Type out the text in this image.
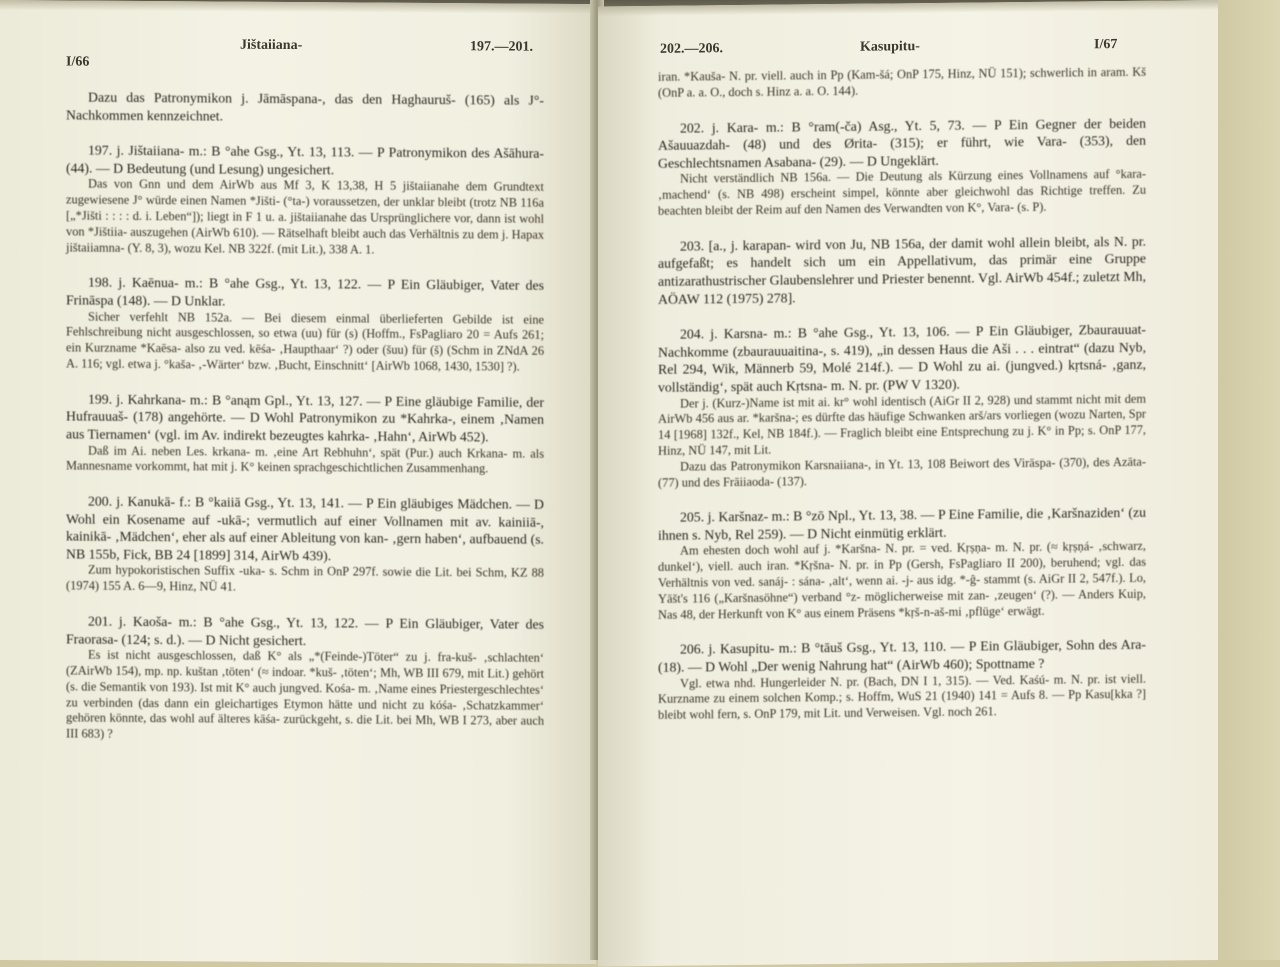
I/66
Jištaiiana-	197.—201.

Dazu das Patronymikon j. Jāmāspana-, das den Haghauruš- (165) als J°-Nachkommen kennzeichnet.

197. j. Jištaiiana- m.: B °ahe Gsg., Yt. 13, 113. — P Patronymikon des Ašāhura- (44). — D Bedeutung (und Lesung) ungesichert.

Das von Gnn und dem AirWb aus Mf 3, K 13,38, H 5 jištaiianahe dem Grundtext zugewiesene J° würde einen Namen *Jišti- (°ta-) voraussetzen, der unklar bleibt (trotz NB 116a [„*Jišti : : : : d. i. Leben“]); liegt in F 1 u. a. jištaiianahe das Ursprünglichere vor, dann ist wohl von *Jištiia- auszugehen (AirWb 610). — Rätselhaft bleibt auch das Verhältnis zu dem j. Hapax jištaiiamna- (Y. 8, 3), wozu Kel. NB 322f. (mit Lit.), 338 A. 1.

198. j. Kaēnua- m.: B °ahe Gsg., Yt. 13, 122. — P Ein Gläubiger, Vater des Frināspa (148). — D Unklar.

Sicher verfehlt NB 152a. — Bei diesem einmal überlieferten Gebilde ist eine Fehlschreibung nicht ausgeschlossen, so etwa (uu) für (s) (Hoffm., FsPagliaro 20 = Aufs 261; ein Kurzname *Kaēsa- also zu ved. kēśa- ‚Haupthaar‘ ?) oder (šuu) für (š) (Schm in ZNdA 26 A. 116; vgl. etwa j. °kaša- ‚-Wärter‘ bzw. ‚Bucht, Einschnitt‘ [AirWb 1068, 1430, 1530] ?).

199. j. Kahrkana- m.: B °anąm Gpl., Yt. 13, 127. — P Eine gläubige Familie, der Hufrauuaš- (178) angehörte. — D Wohl Patronymikon zu *Kahrka-, einem ‚Namen aus Tiernamen‘ (vgl. im Av. indirekt bezeugtes kahrka- ‚Hahn‘, AirWb 452).

Daß im Ai. neben Les. krkana- m. ‚eine Art Rebhuhn‘, spät (Pur.) auch Krkana- m. als Mannesname vorkommt, hat mit j. K° keinen sprachgeschichtlichen Zusammenhang.

200. j. Kanukā- f.: B °kaiiā Gsg., Yt. 13, 141. — P Ein gläubiges Mädchen. — D Wohl ein Kosename auf -ukā-; vermutlich auf einer Vollnamen mit av. kainiiā-, kainikā- ‚Mädchen‘, eher als auf einer Ableitung von kan- ‚gern haben‘, aufbauend (s. NB 155b, Fick, BB 24 [1899] 314, AirWb 439).

Zum hypokoristischen Suffix -uka- s. Schm in OnP 297f. sowie die Lit. bei Schm, KZ 88 (1974) 155 A. 6—9, Hinz, NÜ 41.

201. j. Kaoša- m.: B °ahe Gsg., Yt. 13, 122. — P Ein Gläubiger, Vater des Fraorasa- (124; s. d.). — D Nicht gesichert.

Es ist nicht ausgeschlossen, daß K° als „*(Feinde-)Töter“ zu j. fra-kuš- ‚schlachten‘ (ZAirWb 154), mp. np. kuštan ‚töten‘ (≈ indoar. *kuš- ‚töten‘; Mh, WB III 679, mit Lit.) gehört (s. die Semantik von 193). Ist mit K° auch jungved. Kośa- m. ‚Name eines Priestergeschlechtes‘ zu verbinden (das dann ein gleichartiges Etymon hätte und nicht zu kóśa- ‚Schatzkammer‘ gehören könnte, das wohl auf älteres kāśa- zurückgeht, s. die Lit. bei Mh, WB I 273, aber auch III 683) ?

202.—206.	Kasupitu-	I/67

iran. *Kauša- N. pr. viell. auch in Pp (Kam-šá; OnP 175, Hinz, NÜ 151); schwerlich in aram. Kš (OnP a. a. O., doch s. Hinz a. a. O. 144).

202. j. Kara- m.: B °ram(-ča) Asg., Yt. 5, 73. — P Ein Gegner der beiden Ašauuazdah- (48) und des Ørita- (315); er führt, wie Vara- (353), den Geschlechtsnamen Asabana- (29). — D Ungeklärt.

Nicht verständlich NB 156a. — Die Deutung als Kürzung eines Vollnamens auf °kara- ‚machend‘ (s. NB 498) erscheint simpel, könnte aber gleichwohl das Richtige treffen. Zu beachten bleibt der Reim auf den Namen des Verwandten von K°, Vara- (s. P).

203. [a., j. karapan- wird von Ju, NB 156a, der damit wohl allein bleibt, als N. pr. aufgefaßt; es handelt sich um ein Appellativum, das primär eine Gruppe antizarathustrischer Glaubenslehrer und Priester benennt. Vgl. AirWb 454f.; zuletzt Mh, AÖAW 112 (1975) 278].

204. j. Karsna- m.: B °ahe Gsg., Yt. 13, 106. — P Ein Gläubiger, Zbaurauuat-Nachkomme (zbaurauuaitina-, s. 419), „in dessen Haus die Aši . . . eintrat“ (dazu Nyb, Rel 294, Wik, Männerb 59, Molé 214f.). — D Wohl zu ai. (jungved.) kṛtsná- ‚ganz, vollständig‘, spät auch Kṛtsna- m. N. pr. (PW V 1320).

Der j. (Kurz-)Name ist mit ai. kr° wohl identisch (AiGr II 2, 928) und stammt nicht mit dem AirWb 456 aus ar. *karšna-; es dürfte das häufige Schwanken arš/ars vorliegen (wozu Narten, Spr 14 [1968] 132f., Kel, NB 184f.). — Fraglich bleibt eine Entsprechung zu j. K° in Pp; s. OnP 177, Hinz, NÜ 147, mit Lit.

Dazu das Patronymikon Karsnaiiana-, in Yt. 13, 108 Beiwort des Virāspa- (370), des Azāta- (77) und des Frāiiaoda- (137).

205. j. Karšnaz- m.: B °zō Npl., Yt. 13, 38. — P Eine Familie, die ‚Karšnaziden‘ (zu ihnen s. Nyb, Rel 259). — D Nicht einmütig erklärt.

Am ehesten doch wohl auf j. *Karšna- N. pr. = ved. Kṛṣṇa- m. N. pr. (≈ kṛṣṇá- ‚schwarz, dunkel‘), viell. auch iran. *Kṛšna- N. pr. in Pp (Gersh, FsPagliaro II 200), beruhend; vgl. das Verhältnis von ved. sanáj- : sána- ‚alt‘, wenn ai. -j- aus idg. *-ĝ- stammt (s. AiGr II 2, 547f.). Lo, Yāšt's 116 („Karšnasöhne“) verband °z- möglicherweise mit zan- ‚zeugen‘ (?). — Anders Kuip, Nas 48, der Herkunft von K° aus einem Präsens *kṛš-n-aš-mi ‚pflüge‘ erwägt.

206. j. Kasupitu- m.: B °tāuš Gsg., Yt. 13, 110. — P Ein Gläubiger, Sohn des Ara- (18). — D Wohl „Der wenig Nahrung hat“ (AirWb 460); Spottname ?

Vgl. etwa nhd. Hungerleider N. pr. (Bach, DN I 1, 315). — Ved. Kaśú- m. N. pr. ist viell. Kurzname zu einem solchen Komp.; s. Hoffm, WuS 21 (1940) 141 = Aufs 8. — Pp Kasu[kka ?] bleibt wohl fern, s. OnP 179, mit Lit. und Verweisen. Vgl. noch 261.
